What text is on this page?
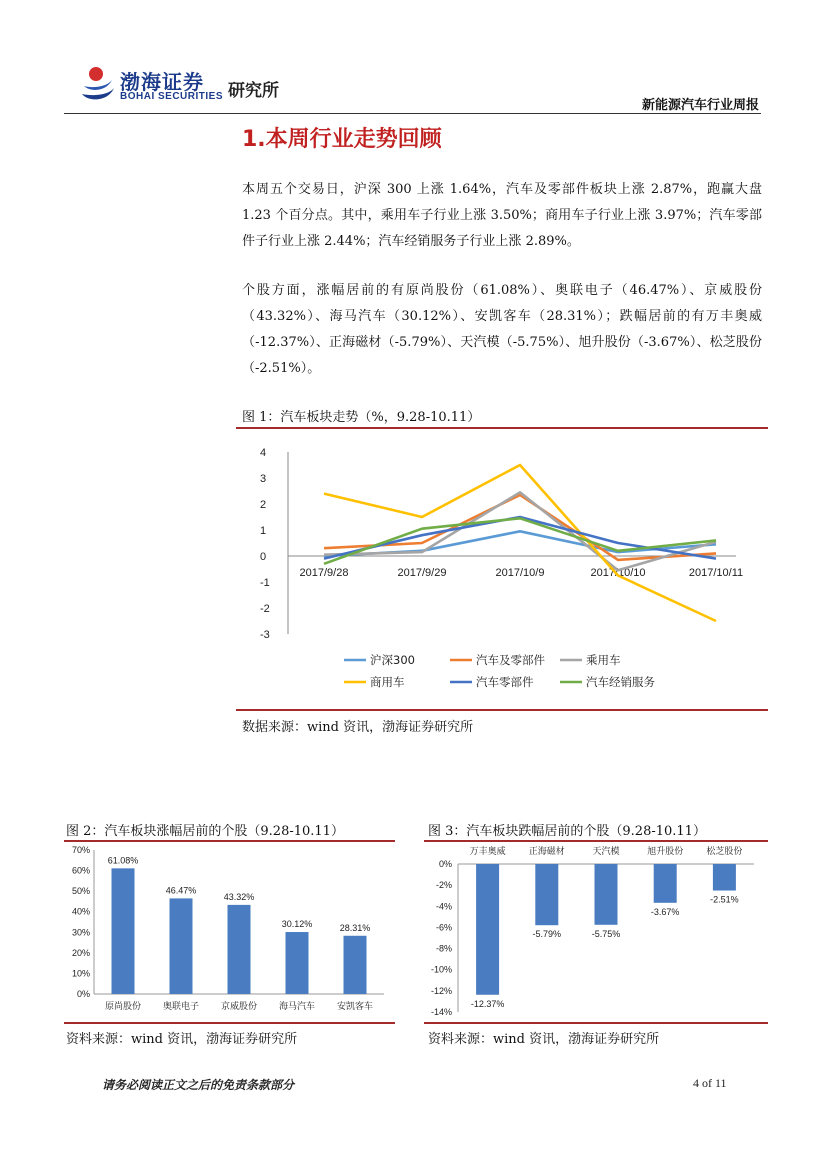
渤海证券
BOHAI SECURITIES 研究所
新能源汽车行业周报
1.本周行业走势回顾
本周五个交易日，沪深 300 上涨 1.64%，汽车及零部件板块上涨 2.87%，跑赢大盘 1.23 个百分点。其中，乘用车子行业上涨 3.50%；商用车子行业上涨 3.97%；汽车零部件子行业上涨 2.44%；汽车经销服务子行业上涨 2.89%。
个股方面，涨幅居前的有原尚股份（61.08%）、奥联电子（46.47%）、京威股份（43.32%）、海马汽车（30.12%）、安凯客车（28.31%）；跌幅居前的有万丰奥威（-12.37%）、正海磁材（-5.79%）、天汽模（-5.75%）、旭升股份（-3.67%）、松芝股份（-2.51%）。
图 1：汽车板块走势（%，9.28-10.11）
-3
-2
-1
0
1
2
3
4
2017/9/28	2017/9/29	2017/10/9	2017/10/10	2017/10/11
沪深300	汽车及零部件	乘用车
商用车	汽车零部件	汽车经销服务
数据来源：wind 资讯，渤海证券研究所
图 2：汽车板块涨幅居前的个股（9.28-10.11）
70%
60%
50%
40%
30%
20%
10%
0%
61.08%
原尚股份
46.47%
奥联电子
43.32%
京威股份
30.12%
海马汽车
28.31%
安凯客车
资料来源：wind 资讯，渤海证券研究所
图 3：汽车板块跌幅居前的个股（9.28-10.11）
0%
-2%
-4%
-6%
-8%
-10%
-12%
-14%
-12.37%
万丰奥威
-5.79%
正海磁材
-5.75%
天汽模
-3.67%
旭升股份
-2.51%
松芝股份
资料来源：wind 资讯，渤海证券研究所
请务必阅读正文之后的免责条款部分	4 of 11
